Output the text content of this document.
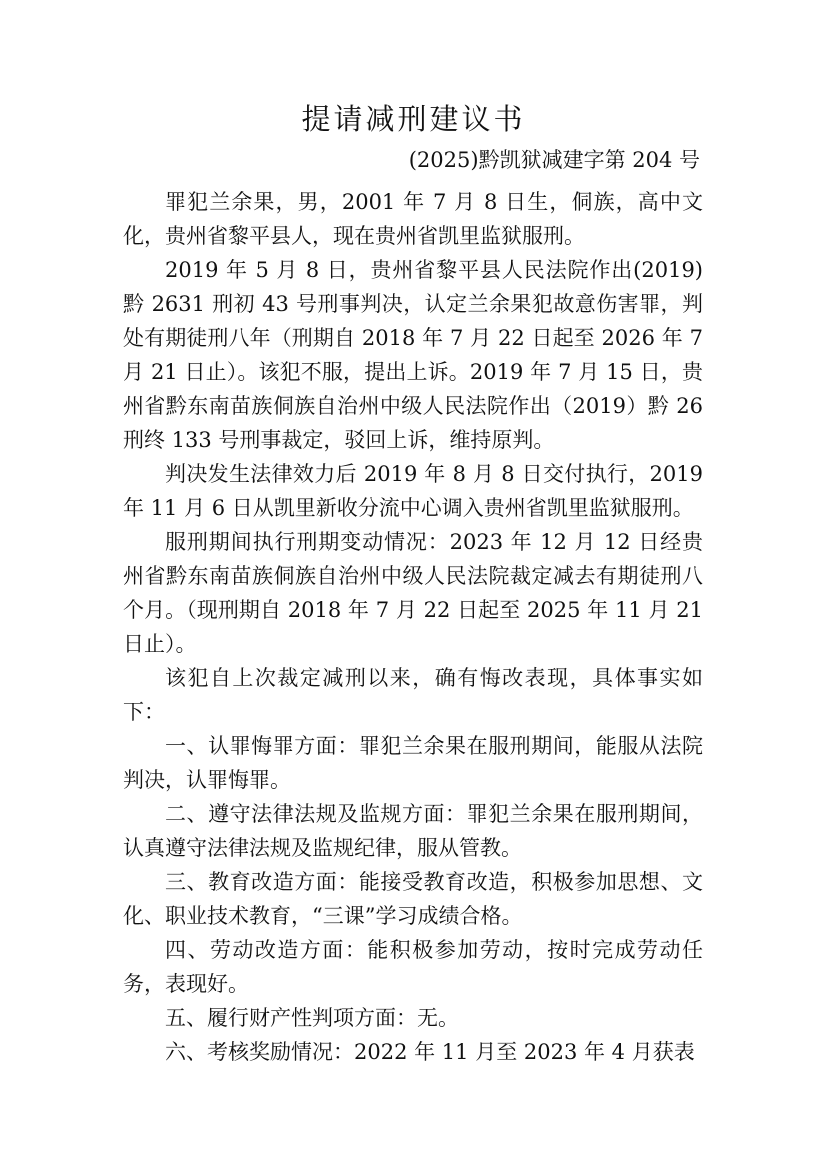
提请减刑建议书
(2025)黔凯狱减建字第 204 号

罪犯兰余果，男，2001 年 7 月 8 日生，侗族，高中文化，贵州省黎平县人，现在贵州省凯里监狱服刑。

2019 年 5 月 8 日，贵州省黎平县人民法院作出(2019)黔 2631 刑初 43 号刑事判决，认定兰余果犯故意伤害罪，判处有期徒刑八年（刑期自 2018 年 7 月 22 日起至 2026 年 7 月 21 日止）。该犯不服，提出上诉。2019 年 7 月 15 日，贵州省黔东南苗族侗族自治州中级人民法院作出（2019）黔 26 刑终 133 号刑事裁定，驳回上诉，维持原判。

判决发生法律效力后 2019 年 8 月 8 日交付执行，2019 年 11 月 6 日从凯里新收分流中心调入贵州省凯里监狱服刑。

服刑期间执行刑期变动情况：2023 年 12 月 12 日经贵州省黔东南苗族侗族自治州中级人民法院裁定减去有期徒刑八个月。（现刑期自 2018 年 7 月 22 日起至 2025 年 11 月 21 日止）。

该犯自上次裁定减刑以来，确有悔改表现，具体事实如下：

一、认罪悔罪方面：罪犯兰余果在服刑期间，能服从法院判决，认罪悔罪。

二、遵守法律法规及监规方面：罪犯兰余果在服刑期间，认真遵守法律法规及监规纪律，服从管教。

三、教育改造方面：能接受教育改造，积极参加思想、文化、职业技术教育，“三课”学习成绩合格。

四、劳动改造方面：能积极参加劳动，按时完成劳动任务，表现好。

五、履行财产性判项方面：无。

六、考核奖励情况：2022 年 11 月至 2023 年 4 月获表
